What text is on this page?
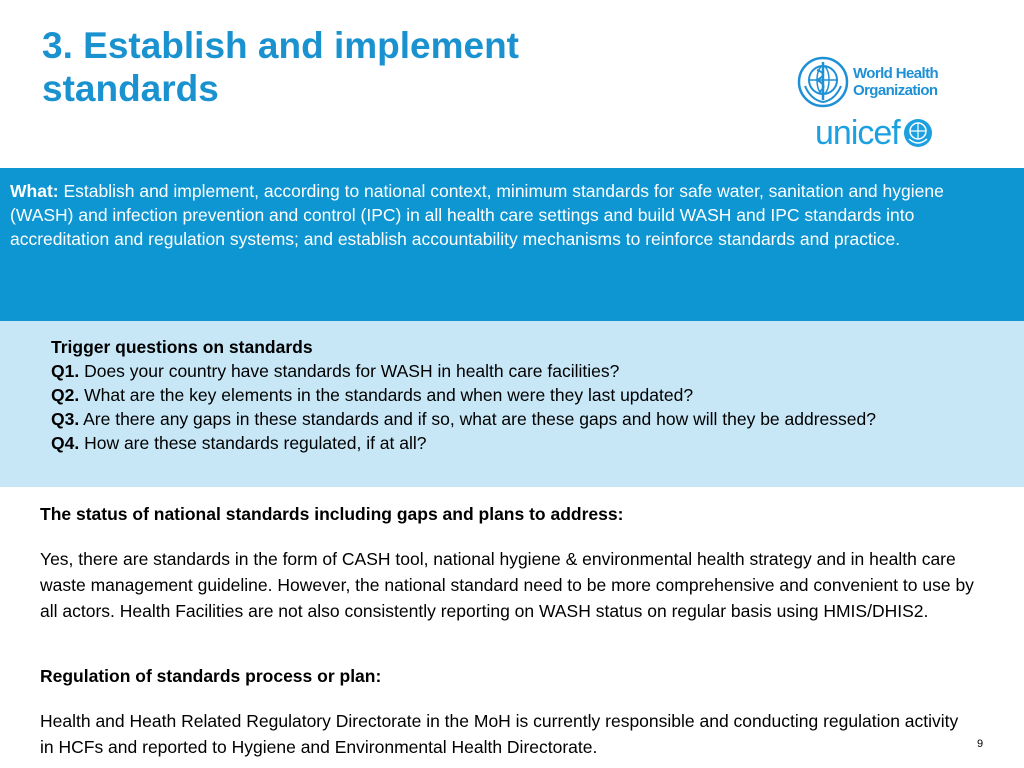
3. Establish and implement standards	World Health
Organization
unicef
What: Establish and implement, according to national context, minimum standards for safe water, sanitation and hygiene (WASH) and infection prevention and control (IPC) in all health care settings and build WASH and IPC standards into accreditation and regulation systems; and establish accountability mechanisms to reinforce standards and practice.
Trigger questions on standards
Q1. Does your country have standards for WASH in health care facilities?
Q2. What are the key elements in the standards and when were they last updated?
Q3. Are there any gaps in these standards and if so, what are these gaps and how will they be addressed?
Q4. How are these standards regulated, if at all?
The status of national standards including gaps and plans to address:
Yes, there are standards in the form of CASH tool, national hygiene & environmental health strategy and in health care waste management guideline. However, the national standard need to be more comprehensive and convenient to use by all actors. Health Facilities are not also consistently reporting on WASH status on regular basis using HMIS/DHIS2.
Regulation of standards process or plan:
Health and Heath Related Regulatory Directorate in the MoH is currently responsible and conducting regulation activity in HCFs and reported to Hygiene and Environmental Health Directorate.	9
